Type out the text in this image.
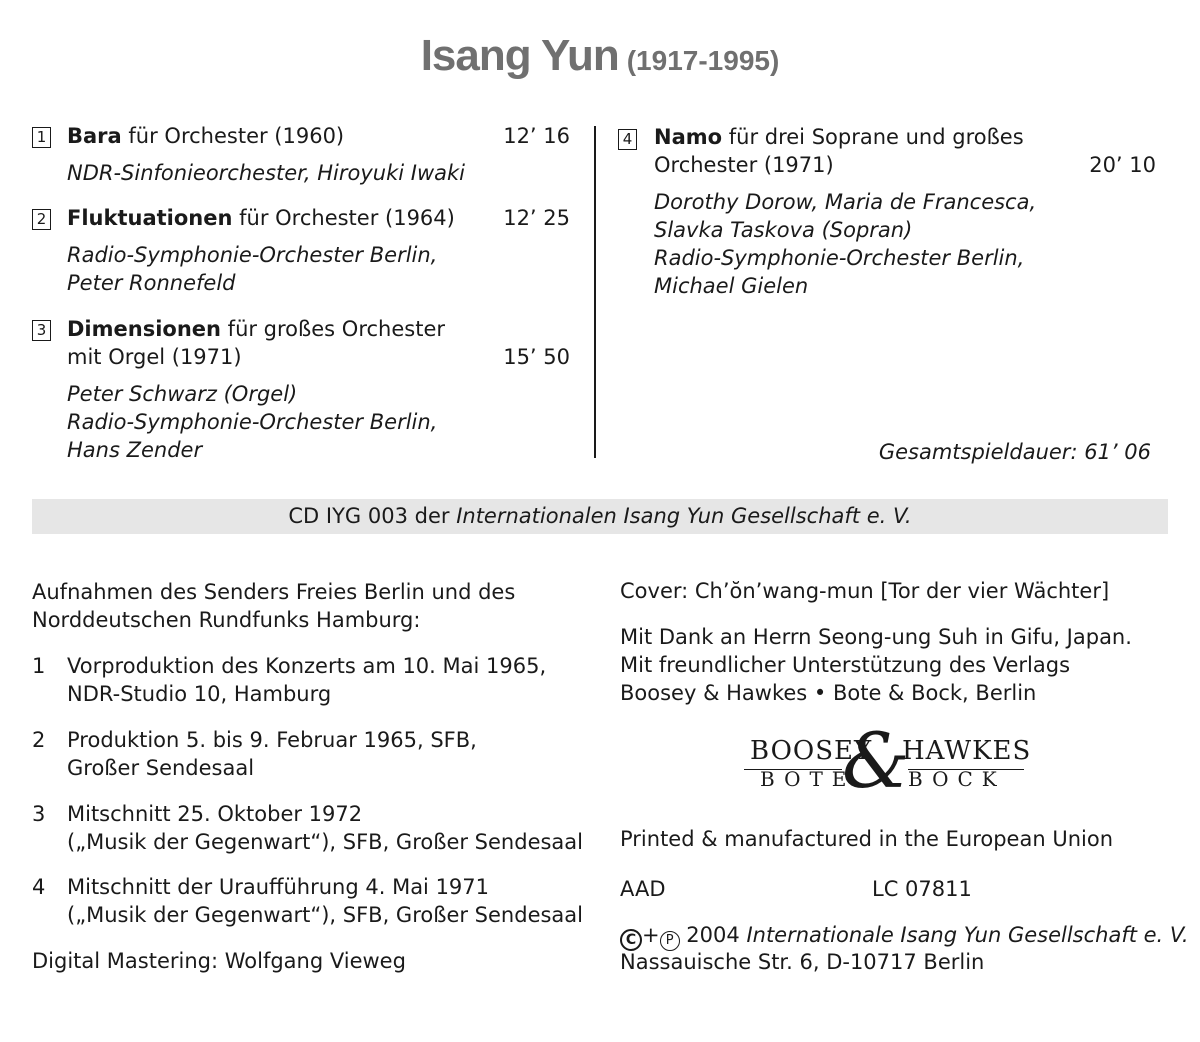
Isang Yun (1917-1995)
1 Bara für Orchester (1960)	12’ 16
NDR-Sinfonieorchester, Hiroyuki Iwaki
2 Fluktuationen für Orchester (1964)	12’ 25
Radio-Symphonie-Orchester Berlin,
Peter Ronnefeld
3 Dimensionen für großes Orchester
mit Orgel (1971)	15’ 50
Peter Schwarz (Orgel)
Radio-Symphonie-Orchester Berlin,
Hans Zender
4 Namo für drei Soprane und großes
Orchester (1971)	20’ 10
Dorothy Dorow, Maria de Francesca,
Slavka Taskova (Sopran)
Radio-Symphonie-Orchester Berlin,
Michael Gielen
Gesamtspieldauer: 61’ 06
CD IYG 003 der Internationalen Isang Yun Gesellschaft e. V.
Aufnahmen des Senders Freies Berlin und des
Norddeutschen Rundfunks Hamburg:
1 Vorproduktion des Konzerts am 10. Mai 1965,
NDR-Studio 10, Hamburg
2 Produktion 5. bis 9. Februar 1965, SFB,
Großer Sendesaal
3 Mitschnitt 25. Oktober 1972
(„Musik der Gegenwart“), SFB, Großer Sendesaal
4 Mitschnitt der Uraufführung 4. Mai 1971
(„Musik der Gegenwart“), SFB, Großer Sendesaal
Digital Mastering: Wolfgang Vieweg
Cover: Ch’ŏn’wang-mun [Tor der vier Wächter]
Mit Dank an Herrn Seong-ung Suh in Gifu, Japan.
Mit freundlicher Unterstützung des Verlags
Boosey & Hawkes • Bote & Bock, Berlin
BOOSEY HAWKES
BOTE	BOCK
&
Printed & manufactured in the European Union
AAD	LC 07811
C + P 2004 Internationale Isang Yun Gesellschaft e. V.
Nassauische Str. 6, D-10717 Berlin
